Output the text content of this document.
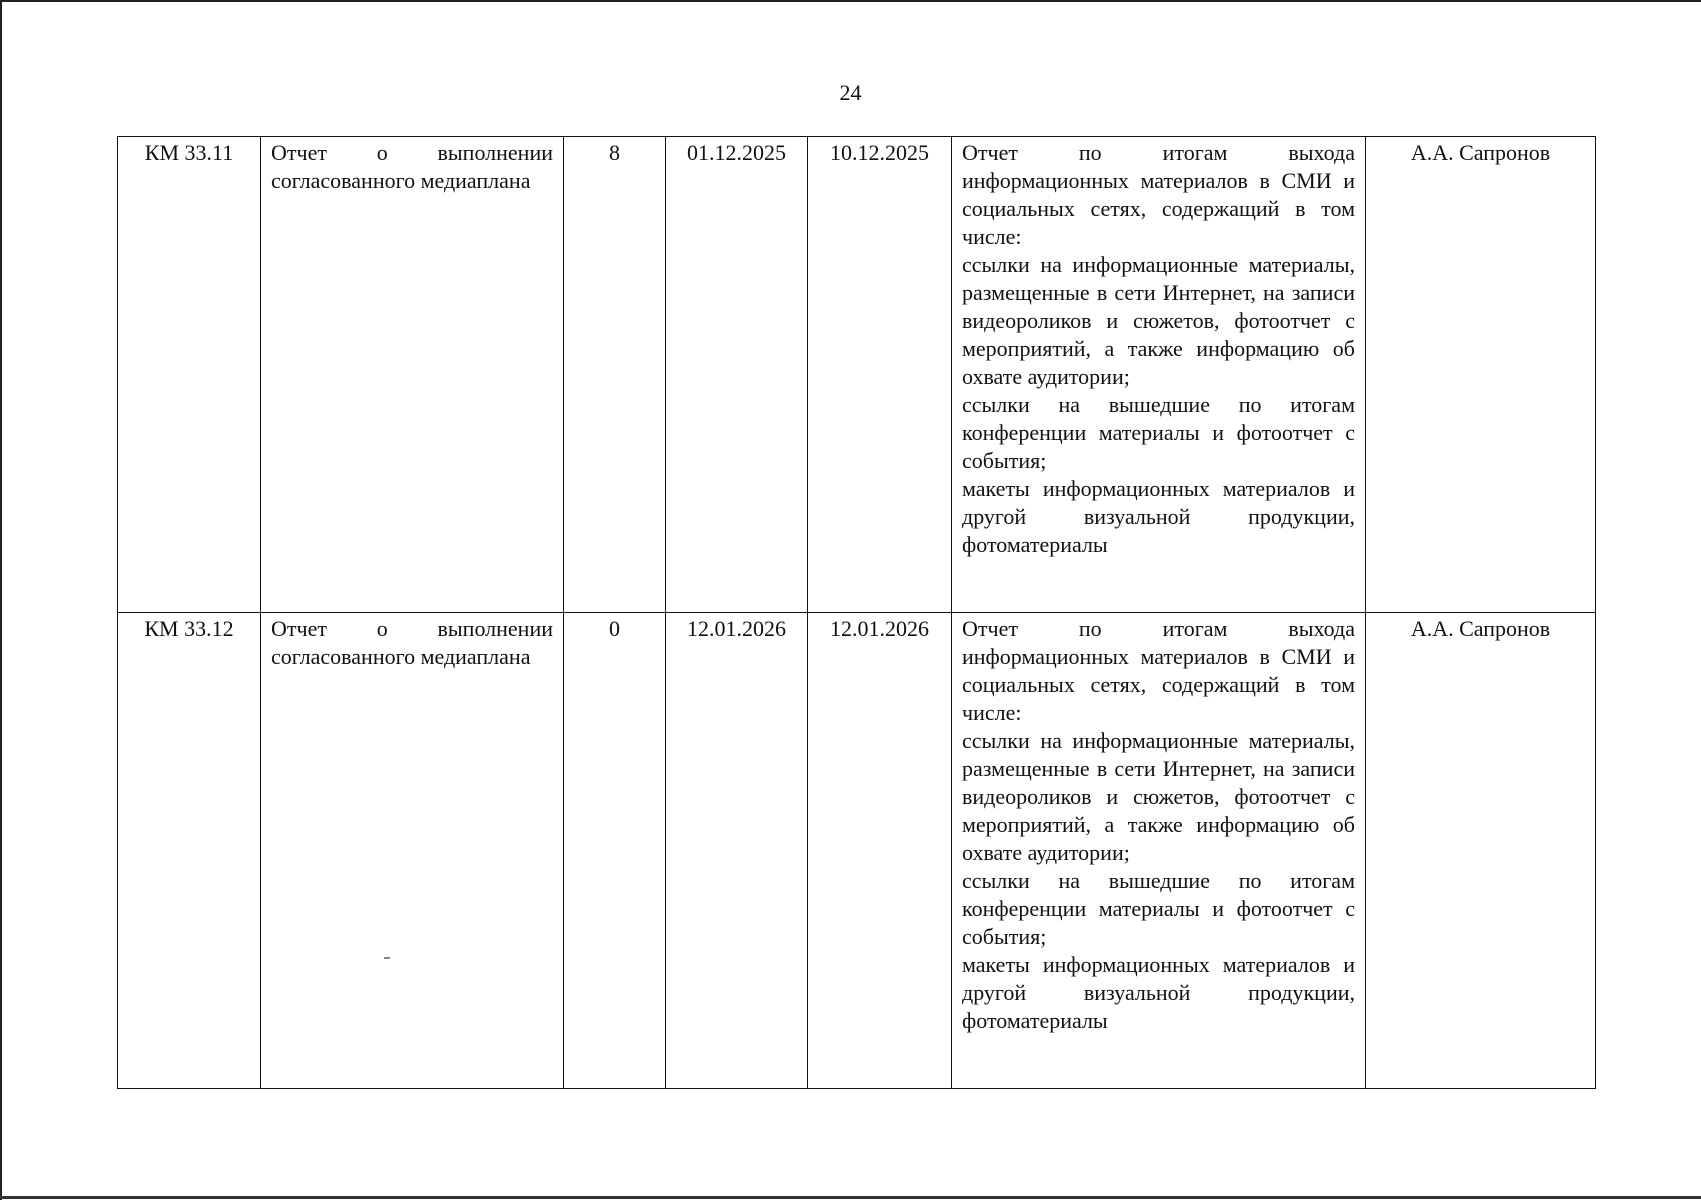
24
КМ 33.11	Отчет о выполнении согласованного медиаплана	8	01.12.2025	10.12.2025	Отчет по итогам выхода информационных материалов в СМИ и социальных сетях, содержащий в том числе:
ссылки на информационные материалы, размещенные в сети Интернет, на записи видеороликов и сюжетов, фотоотчет с мероприятий, а также информацию об охвате аудитории;
ссылки на вышедшие по итогам конференции материалы и фотоотчет с события;
макеты информационных материалов и другой визуальной продукции, фотоматериалы	А.А. Сапронов
КМ 33.12	Отчет о выполнении согласованного медиаплана	0	12.01.2026	12.01.2026	Отчет по итогам выхода информационных материалов в СМИ и социальных сетях, содержащий в том числе:
ссылки на информационные материалы, размещенные в сети Интернет, на записи видеороликов и сюжетов, фотоотчет с мероприятий, а также информацию об охвате аудитории;
ссылки на вышедшие по итогам конференции материалы и фотоотчет с события;
макеты информационных материалов и другой визуальной продукции, фотоматериалы	А.А. Сапронов
